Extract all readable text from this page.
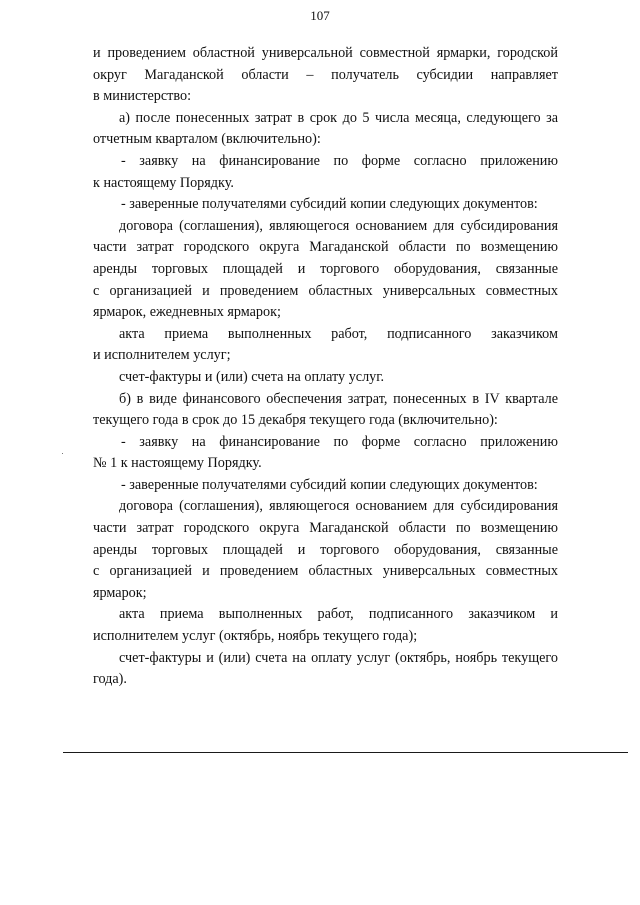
107

и проведением областной универсальной совместной ярмарки, городской
округ Магаданской области – получатель субсидии направляет
в министерство:

а) после понесенных затрат в срок до 5 числа месяца, следующего за
отчетным кварталом (включительно):

- заявку на финансирование по форме согласно приложению
к настоящему Порядку.

- заверенные получателями субсидий копии следующих документов:

договора (соглашения), являющегося основанием для субсидирования
части затрат городского округа Магаданской области по возмещению
аренды торговых площадей и торгового оборудования, связанные
с организацией и проведением областных универсальных совместных
ярмарок, ежедневных ярмарок;

акта приема выполненных работ, подписанного заказчиком
и исполнителем услуг;

счет-фактуры и (или) счета на оплату услуг.

б) в виде финансового обеспечения затрат, понесенных в IV квартале
текущего года в срок до 15 декабря текущего года (включительно):

- заявку на финансирование по форме согласно приложению
№ 1 к настоящему Порядку.

- заверенные получателями субсидий копии следующих документов:

договора (соглашения), являющегося основанием для субсидирования
части затрат городского округа Магаданской области по возмещению
аренды торговых площадей и торгового оборудования, связанные
с организацией и проведением областных универсальных совместных
ярмарок;

акта приема выполненных работ, подписанного заказчиком и
исполнителем услуг (октябрь, ноябрь текущего года);

счет-фактуры и (или) счета на оплату услуг (октябрь, ноябрь текущего
года).
